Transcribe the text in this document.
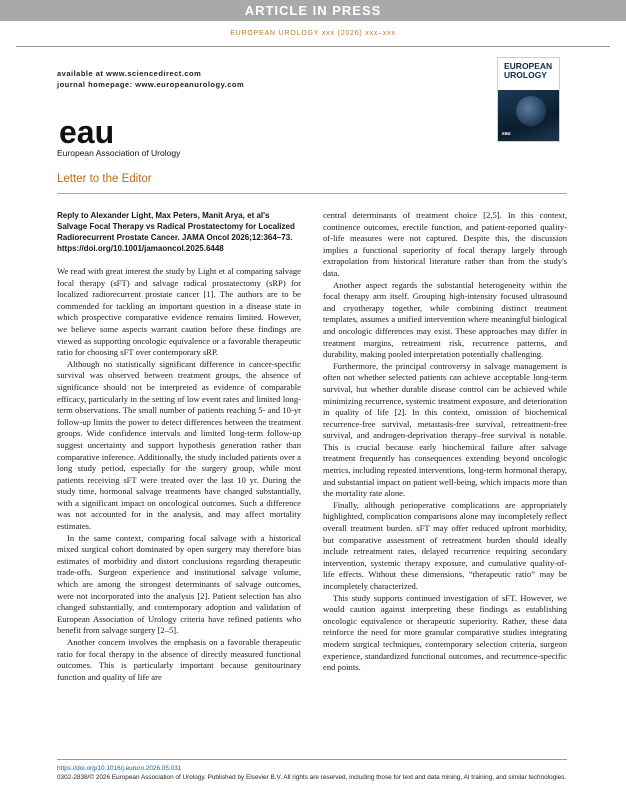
ARTICLE IN PRESS
EUROPEAN UROLOGY xxx (2026) xxx–xxx
available at www.sciencedirect.com
journal homepage: www.europeanurology.com
EUROPEAN UROLOGY
eau
eau
European Association of Urology
Letter to the Editor
Reply to Alexander Light, Max Peters, Manit Arya, et al's Salvage Focal Therapy vs Radical Prostatectomy for Localized Radiorecurrent Prostate Cancer. JAMA Oncol 2026;12:364–73. https://doi.org/10.1001/jamaoncol.2025.6448

We read with great interest the study by Light et al comparing salvage focal therapy (sFT) and salvage radical prostatectomy (sRP) for localized radiorecurrent prostate cancer [1]. The authors are to be commended for tackling an important question in a disease state in which prospective comparative evidence remains limited. However, we believe some aspects warrant caution before these findings are viewed as supporting oncologic equivalence or a favorable therapeutic ratio for choosing sFT over contemporary sRP.

Although no statistically significant difference in cancer-specific survival was observed between treatment groups, the absence of significance should not be interpreted as evidence of comparable efficacy, particularly in the setting of low event rates and limited long-term observations. The small number of patients reaching 5- and 10-yr follow-up limits the power to detect differences between the treatment groups. Wide confidence intervals and limited long-term follow-up suggest uncertainty and support hypothesis generation rather than comparative inference. Additionally, the study included patients over a long study period, especially for the surgery group, while most patients receiving sFT were treated over the last 10 yr. During the study time, hormonal salvage treatments have changed substantially, with a significant impact on oncological outcomes. Such a difference was not accounted for in the analysis, and may affect mortality estimates.

In the same context, comparing focal salvage with a historical mixed surgical cohort dominated by open surgery may therefore bias estimates of morbidity and distort conclusions regarding therapeutic trade-offs. Surgeon experience and institutional salvage volume, which are among the strongest determinants of salvage outcomes, were not incorporated into the analysis [2]. Patient selection has also changed substantially, and contemporary adoption and validation of European Association of Urology criteria have refined patients who benefit from salvage surgery [2–5].

Another concern involves the emphasis on a favorable therapeutic ratio for focal therapy in the absence of directly measured functional outcomes. This is particularly important because genitourinary function and quality of life are

central determinants of treatment choice [2,5]. In this context, continence outcomes, erectile function, and patient-reported quality-of-life measures were not captured. Despite this, the discussion implies a functional superiority of focal therapy largely through extrapolation from historical literature rather than from the study's data.

Another aspect regards the substantial heterogeneity within the focal therapy arm itself. Grouping high-intensity focused ultrasound and cryotherapy together, while combining distinct treatment templates, assumes a unified intervention where meaningful biological and oncologic differences may exist. These approaches may differ in treatment margins, retreatment risk, recurrence patterns, and durability, making pooled interpretation potentially challenging.

Furthermore, the principal controversy in salvage management is often not whether selected patients can achieve acceptable long-term survival, but whether durable disease control can be achieved while minimizing recurrence, systemic treatment exposure, and deterioration in quality of life [2]. In this context, omission of biochemical recurrence-free survival, metastasis-free survival, retreatment-free survival, and androgen-deprivation therapy–free survival is notable. This is crucial because early biochemical failure after salvage treatment frequently has consequences extending beyond oncologic metrics, including repeated interventions, long-term hormonal therapy, and substantial impact on patient well-being, which impacts more than the mortality rate alone.

Finally, although perioperative complications are appropriately highlighted, complication comparisons alone may incompletely reflect overall treatment burden. sFT may offer reduced upfront morbidity, but comparative assessment of retreatment burden should ideally include retreatment rates, delayed recurrence requiring secondary intervention, systemic therapy exposure, and cumulative quality-of-life effects. Without these dimensions, “therapeutic ratio” may be incompletely characterized.

This study supports continued investigation of sFT. However, we would caution against interpreting these findings as establishing oncologic equivalence or therapeutic superiority. Rather, these data reinforce the need for more granular comparative studies integrating modern surgical techniques, contemporary selection criteria, surgeon experience, standardized functional outcomes, and recurrence-specific end points.

https://doi.org/10.1016/j.eururo.2026.05.031
0302-2838/© 2026 European Association of Urology. Published by Elsevier B.V. All rights are reserved, including those for text and data mining, AI training, and similar technologies.
